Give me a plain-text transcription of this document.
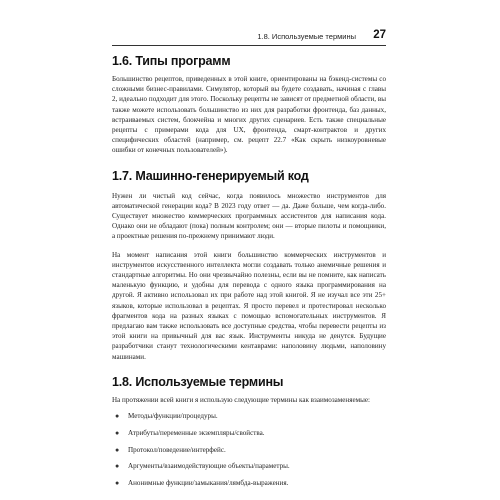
1.8. Используемые термины 27
1.6. Типы программ

Большинство рецептов, приведенных в этой книге, ориентированы на бэкенд-системы со сложными бизнес-правилами. Симулятор, который вы будете создавать, начиная с главы 2, идеально подходит для этого. Поскольку рецепты не зависят от предметной области, вы также можете использовать большинство из них для разработки фронтенда, баз данных, встраиваемых систем, блокчейна и многих других сценариев. Есть также специальные рецепты с примерами кода для UX, фронтенда, смарт-контрактов и других специфических областей (например, см. рецепт 22.7 «Как скрыть низкоуровневые ошибки от конечных пользователей»).

1.7. Машинно-генерируемый код

Нужен ли чистый код сейчас, когда появилось множество инструментов для автоматической генерации кода? В 2023 году ответ — да. Даже больше, чем когда-либо. Существует множество коммерческих программных ассистентов для написания кода. Однако они не обладают (пока) полным контролем; они — вторые пилоты и помощники, а проектные решения по-прежнему принимают люди.

На момент написания этой книги большинство коммерческих инструментов и инструментов искусственного интеллекта могли создавать только анемичные решения и стандартные алгоритмы. Но они чрезвычайно полезны, если вы не помните, как написать маленькую функцию, и удобны для перевода с одного языка программирования на другой. Я активно использовал их при работе над этой книгой. Я не изучал все эти 25+ языков, которые использовал в рецептах. Я просто перевел и протестировал несколько фрагментов кода на разных языках с помощью вспомогательных инструментов. Я предлагаю вам также использовать все доступные средства, чтобы перевести рецепты из этой книги на привычный для вас язык. Инструменты никуда не денутся. Будущие разработчики станут технологическими кентаврами: наполовину людьми, наполовину машинами.

1.8. Используемые термины

На протяжении всей книги я использую следующие термины как взаимозаменяемые:

● Методы/функции/процедуры.
● Атрибуты/переменные экземпляры/свойства.
● Протокол/поведение/интерфейс.
● Аргументы/взаимодействующие объекты/параметры.
● Анонимные функции/замыкания/лямбда-выражения.
